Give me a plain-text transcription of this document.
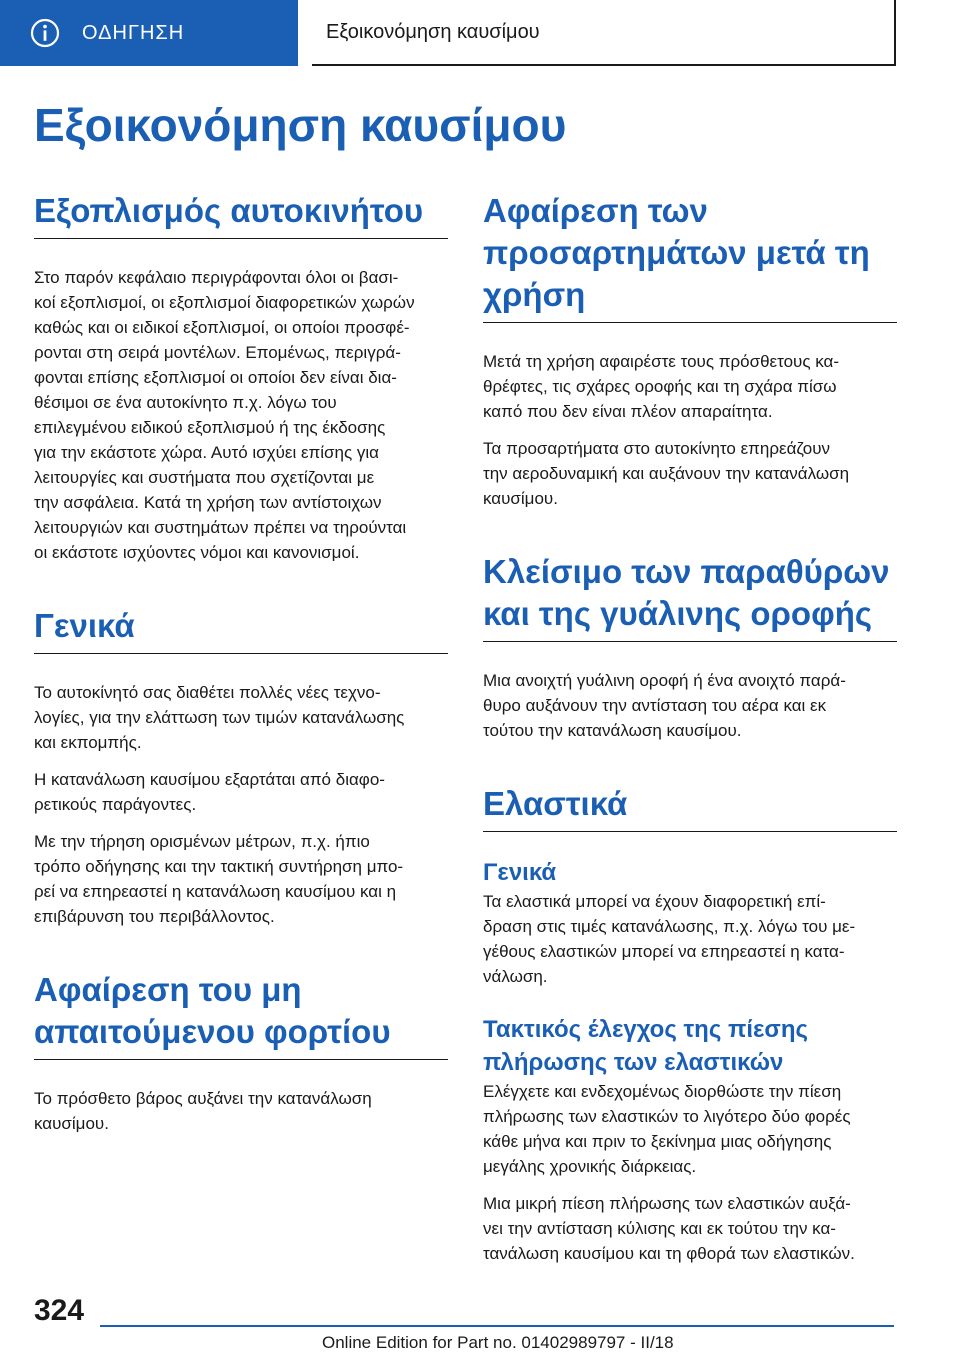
ΟΔΗΓΗΣΗ	Εξοικονόμηση καυσίμου
Εξοικονόμηση καυσίμου
Εξοπλισμός αυτοκινήτου

Στο παρόν κεφάλαιο περιγράφονται όλοι οι βασι-
κοί εξοπλισμοί, οι εξοπλισμοί διαφορετικών χωρών
καθώς και οι ειδικοί εξοπλισμοί, οι οποίοι προσφέ-
ρονται στη σειρά μοντέλων. Επομένως, περιγρά-
φονται επίσης εξοπλισμοί οι οποίοι δεν είναι δια-
θέσιμοι σε ένα αυτοκίνητο π.χ. λόγω του
επιλεγμένου ειδικού εξοπλισμού ή της έκδοσης
για την εκάστοτε χώρα. Αυτό ισχύει επίσης για
λειτουργίες και συστήματα που σχετίζονται με
την ασφάλεια. Κατά τη χρήση των αντίστοιχων
λειτουργιών και συστημάτων πρέπει να τηρούνται
οι εκάστοτε ισχύοντες νόμοι και κανονισμοί.

Γενικά

Το αυτοκίνητό σας διαθέτει πολλές νέες τεχνο-
λογίες, για την ελάττωση των τιμών κατανάλωσης
και εκπομπής.

Η κατανάλωση καυσίμου εξαρτάται από διαφο-
ρετικούς παράγοντες.

Με την τήρηση ορισμένων μέτρων, π.χ. ήπιο
τρόπο οδήγησης και την τακτική συντήρηση μπο-
ρεί να επηρεαστεί η κατανάλωση καυσίμου και η
επιβάρυνση του περιβάλλοντος.

Αφαίρεση του μη
απαιτούμενου φορτίου

Το πρόσθετο βάρος αυξάνει την κατανάλωση
καυσίμου.

Αφαίρεση των
προσαρτημάτων μετά τη
χρήση

Μετά τη χρήση αφαιρέστε τους πρόσθετους κα-
θρέφτες, τις σχάρες οροφής και τη σχάρα πίσω
καπό που δεν είναι πλέον απαραίτητα.

Τα προσαρτήματα στο αυτοκίνητο επηρεάζουν
την αεροδυναμική και αυξάνουν την κατανάλωση
καυσίμου.

Κλείσιμο των παραθύρων
και της γυάλινης οροφής

Μια ανοιχτή γυάλινη οροφή ή ένα ανοιχτό παρά-
θυρο αυξάνουν την αντίσταση του αέρα και εκ
τούτου την κατανάλωση καυσίμου.

Ελαστικά
Γενικά

Τα ελαστικά μπορεί να έχουν διαφορετική επί-
δραση στις τιμές κατανάλωσης, π.χ. λόγω του με-
γέθους ελαστικών μπορεί να επηρεαστεί η κατα-
νάλωση.

Τακτικός έλεγχος της πίεσης
πλήρωσης των ελαστικών

Ελέγχετε και ενδεχομένως διορθώστε την πίεση
πλήρωσης των ελαστικών το λιγότερο δύο φορές
κάθε μήνα και πριν το ξεκίνημα μιας οδήγησης
μεγάλης χρονικής διάρκειας.

Μια μικρή πίεση πλήρωσης των ελαστικών αυξά-
νει την αντίσταση κύλισης και εκ τούτου την κα-
τανάλωση καυσίμου και τη φθορά των ελαστικών.

324
Online Edition for Part no. 01402989797 - II/18
